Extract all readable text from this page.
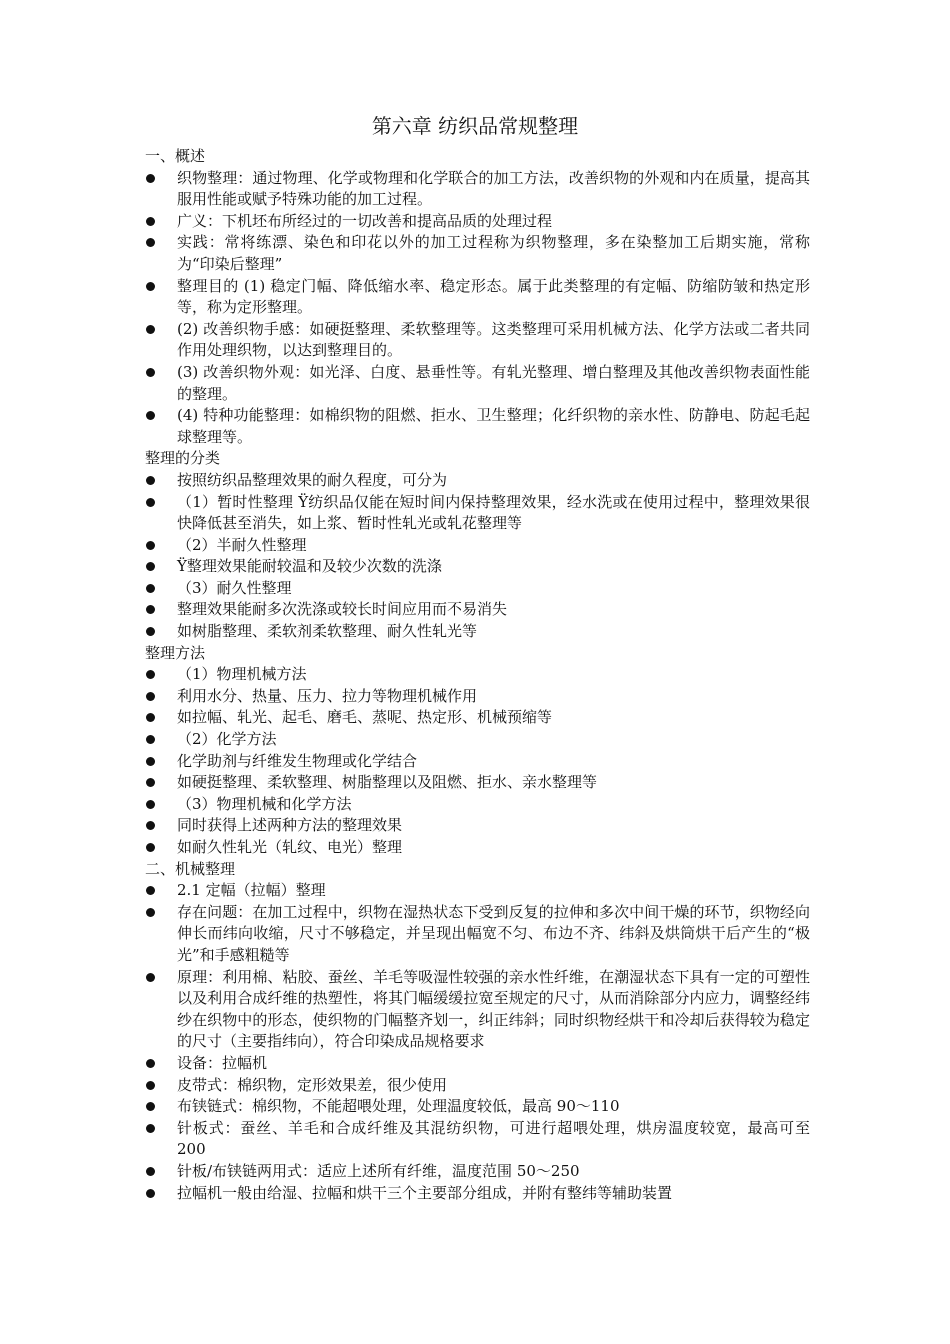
第六章 纺织品常规整理
一、概述
织物整理：通过物理、化学或物理和化学联合的加工方法，改善织物的外观和内在质量，提高其服用性能或赋予特殊功能的加工过程。
广义：下机坯布所经过的一切改善和提高品质的处理过程
实践：常将练漂、染色和印花以外的加工过程称为织物整理，多在染整加工后期实施，常称为“印染后整理”
整理目的 (1) 稳定门幅、降低缩水率、稳定形态。属于此类整理的有定幅、防缩防皱和热定形等，称为定形整理。
(2) 改善织物手感：如硬挺整理、柔软整理等。这类整理可采用机械方法、化学方法或二者共同作用处理织物，以达到整理目的。
(3) 改善织物外观：如光泽、白度、悬垂性等。有轧光整理、增白整理及其他改善织物表面性能的整理。
(4) 特种功能整理：如棉织物的阻燃、拒水、卫生整理；化纤织物的亲水性、防静电、防起毛起球整理等。
整理的分类
按照纺织品整理效果的耐久程度，可分为
（1）暂时性整理 Ÿ纺织品仅能在短时间内保持整理效果，经水洗或在使用过程中，整理效果很快降低甚至消失，如上浆、暂时性轧光或轧花整理等
（2）半耐久性整理
Ÿ整理效果能耐较温和及较少次数的洗涤
（3）耐久性整理
整理效果能耐多次洗涤或较长时间应用而不易消失
如树脂整理、柔软剂柔软整理、耐久性轧光等
整理方法
（1）物理机械方法
利用水分、热量、压力、拉力等物理机械作用
如拉幅、轧光、起毛、磨毛、蒸呢、热定形、机械预缩等
（2）化学方法
化学助剂与纤维发生物理或化学结合
如硬挺整理、柔软整理、树脂整理以及阻燃、拒水、亲水整理等
（3）物理机械和化学方法
同时获得上述两种方法的整理效果
如耐久性轧光（轧纹、电光）整理
二、机械整理
2.1 定幅（拉幅）整理
存在问题：在加工过程中，织物在湿热状态下受到反复的拉伸和多次中间干燥的环节，织物经向伸长而纬向收缩，尺寸不够稳定，并呈现出幅宽不匀、布边不齐、纬斜及烘筒烘干后产生的“极光”和手感粗糙等
原理：利用棉、粘胶、蚕丝、羊毛等吸湿性较强的亲水性纤维，在潮湿状态下具有一定的可塑性以及利用合成纤维的热塑性，将其门幅缓缓拉宽至规定的尺寸，从而消除部分内应力，调整经纬纱在织物中的形态，使织物的门幅整齐划一，纠正纬斜；同时织物经烘干和冷却后获得较为稳定的尺寸（主要指纬向），符合印染成品规格要求
设备：拉幅机
皮带式：棉织物，定形效果差，很少使用
布铗链式：棉织物，不能超喂处理，处理温度较低，最高 90～110
针板式：蚕丝、羊毛和合成纤维及其混纺织物，可进行超喂处理，烘房温度较宽，最高可至 200
针板/布铗链两用式：适应上述所有纤维，温度范围 50～250
拉幅机一般由给湿、拉幅和烘干三个主要部分组成，并附有整纬等辅助装置
